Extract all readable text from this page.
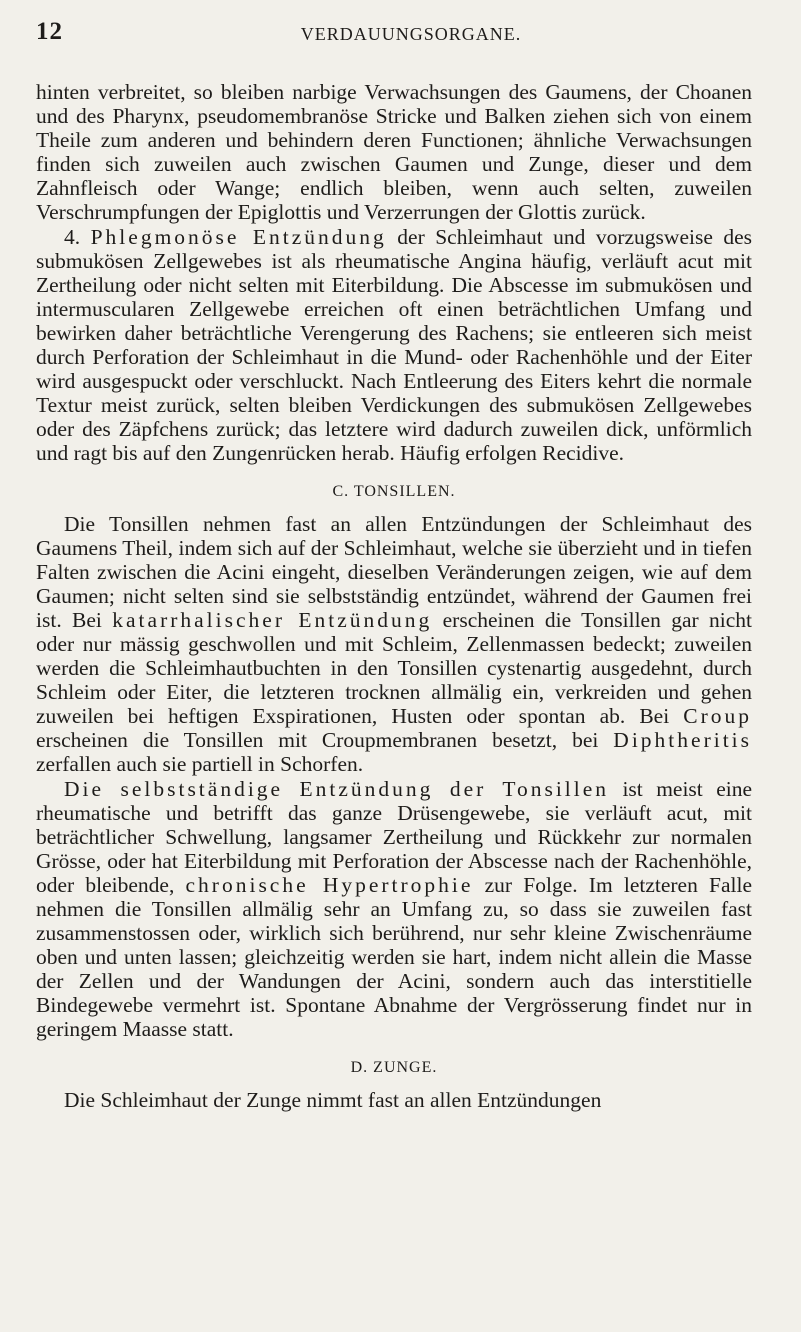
12	VERDAUUNGSORGANE.

hinten verbreitet, so bleiben narbige Verwachsungen des Gaumens, der Choanen und des Pharynx, pseudomembranöse Stricke und Balken ziehen sich von einem Theile zum anderen und behindern deren Functionen; ähnliche Verwachsungen finden sich zuweilen auch zwischen Gaumen und Zunge, dieser und dem Zahnfleisch oder Wange; endlich bleiben, wenn auch selten, zuweilen Verschrumpfungen der Epiglottis und Verzerrungen der Glottis zurück.

4. Phlegmonöse Entzündung der Schleimhaut und vorzugsweise des submukösen Zellgewebes ist als rheumatische Angina häufig, verläuft acut mit Zertheilung oder nicht selten mit Eiterbildung. Die Abscesse im submukösen und intermuscularen Zellgewebe erreichen oft einen beträchtlichen Umfang und bewirken daher beträchtliche Verengerung des Rachens; sie entleeren sich meist durch Perforation der Schleimhaut in die Mund- oder Rachenhöhle und der Eiter wird ausgespuckt oder verschluckt. Nach Entleerung des Eiters kehrt die normale Textur meist zurück, selten bleiben Verdickungen des submukösen Zellgewebes oder des Zäpfchens zurück; das letztere wird dadurch zuweilen dick, unförmlich und ragt bis auf den Zungenrücken herab. Häufig erfolgen Recidive.

C. TONSILLEN.

Die Tonsillen nehmen fast an allen Entzündungen der Schleimhaut des Gaumens Theil, indem sich auf der Schleimhaut, welche sie überzieht und in tiefen Falten zwischen die Acini eingeht, dieselben Veränderungen zeigen, wie auf dem Gaumen; nicht selten sind sie selbstständig entzündet, während der Gaumen frei ist. Bei katarrhalischer Entzündung erscheinen die Tonsillen gar nicht oder nur mässig geschwollen und mit Schleim, Zellenmassen bedeckt; zuweilen werden die Schleimhautbuchten in den Tonsillen cystenartig ausgedehnt, durch Schleim oder Eiter, die letzteren trocknen allmälig ein, verkreiden und gehen zuweilen bei heftigen Exspirationen, Husten oder spontan ab. Bei Croup erscheinen die Tonsillen mit Croupmembranen besetzt, bei Diphtheritis zerfallen auch sie partiell in Schorfen.

Die selbstständige Entzündung der Tonsillen ist meist eine rheumatische und betrifft das ganze Drüsengewebe, sie verläuft acut, mit beträchtlicher Schwellung, langsamer Zertheilung und Rückkehr zur normalen Grösse, oder hat Eiterbildung mit Perforation der Abscesse nach der Rachenhöhle, oder bleibende, chronische Hypertrophie zur Folge. Im letzteren Falle nehmen die Tonsillen allmälig sehr an Umfang zu, so dass sie zuweilen fast zusammenstossen oder, wirklich sich berührend, nur sehr kleine Zwischenräume oben und unten lassen; gleichzeitig werden sie hart, indem nicht allein die Masse der Zellen und der Wandungen der Acini, sondern auch das interstitielle Bindegewebe vermehrt ist. Spontane Abnahme der Vergrösserung findet nur in geringem Maasse statt.

D. ZUNGE.

Die Schleimhaut der Zunge nimmt fast an allen Entzündungen
